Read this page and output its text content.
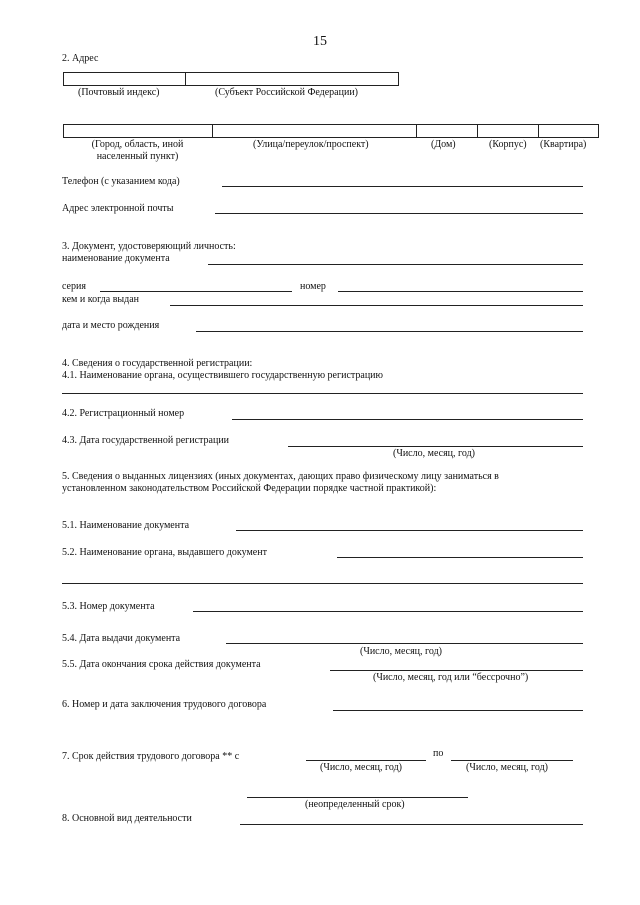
15
2. Адрес
(Почтовый индекс)	(Субъект Российской Федерации)
(Город, область, иной
населенный пункт)
(Улица/переулок/проспект)	(Дом)	(Корпус) (Квартира)
Телефон (с указанием кода)
Адрес электронной почты
3. Документ, удостоверяющий личность:
наименование документа
серия	номер
кем и когда выдан
дата и место рождения
4. Сведения о государственной регистрации:
4.1. Наименование органа, осуществившего государственную регистрацию
4.2. Регистрационный номер
4.3. Дата государственной регистрации
(Число, месяц, год)
5. Сведения о выданных лицензиях (иных документах, дающих право физическому лицу заниматься в
установленном законодательством Российской Федерации порядке частной практикой):
5.1. Наименование документа
5.2. Наименование органа, выдавшего документ
5.3. Номер документа
5.4. Дата выдачи документа
(Число, месяц, год)
5.5. Дата окончания срока действия документа
(Число, месяц, год или “бессрочно”)
6. Номер и дата заключения трудового договора
7. Срок действия трудового договора ** с	по
(Число, месяц, год)	(Число, месяц, год)
(неопределенный срок)
8. Основной вид деятельности
